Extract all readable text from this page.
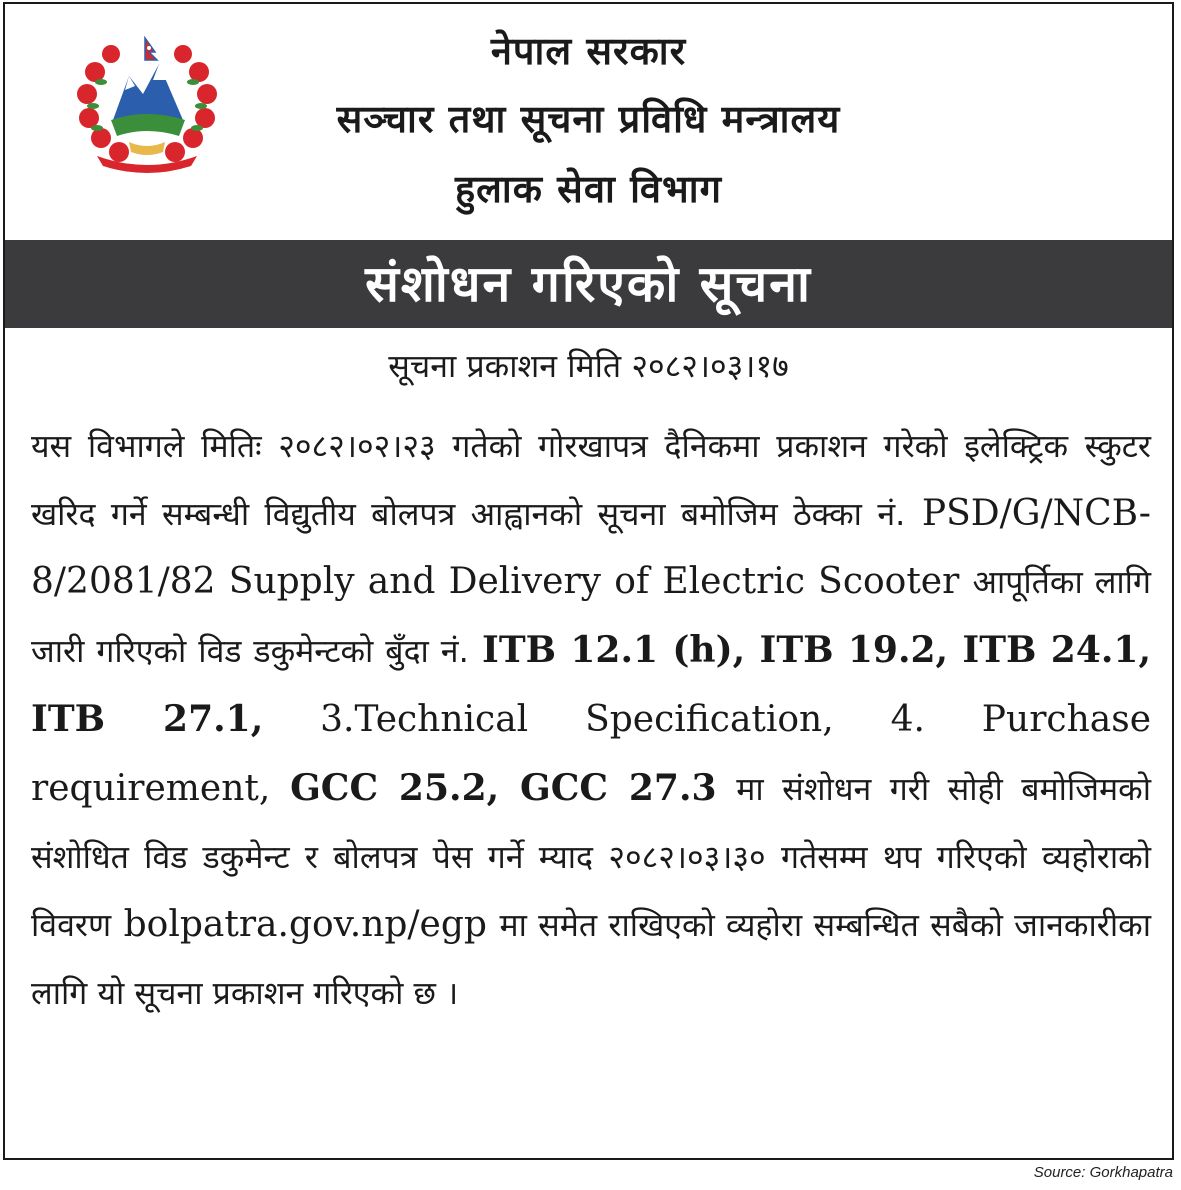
नेपाल सरकार
सञ्चार तथा सूचना प्रविधि मन्त्रालय
हुलाक सेवा विभाग
संशोधन गरिएको सूचना
सूचना प्रकाशन मिति २०८२।०३।१७
यस विभागले मितिः २०८२।०२।२३ गतेको गोरखापत्र दैनिकमा प्रकाशन गरेको इलेक्ट्रिक स्कुटर खरिद गर्ने सम्बन्धी विद्युतीय बोलपत्र आह्वानको सूचना बमोजिम ठेक्का नं. PSD/G/NCB-8/2081/82 Supply and Delivery of Electric Scooter आपूर्तिका लागि जारी गरिएको विड डकुमेन्टको बुँदा नं. ITB 12.1 (h), ITB 19.2, ITB 24.1, ITB 27.1, 3.Technical Specification, 4. Purchase requirement, GCC 25.2, GCC 27.3 मा संशोधन गरी सोही बमोजिमको संशोधित विड डकुमेन्ट र बोलपत्र पेस गर्ने म्याद २०८२।०३।३० गतेसम्म थप गरिएको व्यहोराको विवरण bolpatra.gov.np/egp मा समेत राखिएको व्यहोरा सम्बन्धित सबैको जानकारीका लागि यो सूचना प्रकाशन गरिएको छ ।
Source: Gorkhapatra
